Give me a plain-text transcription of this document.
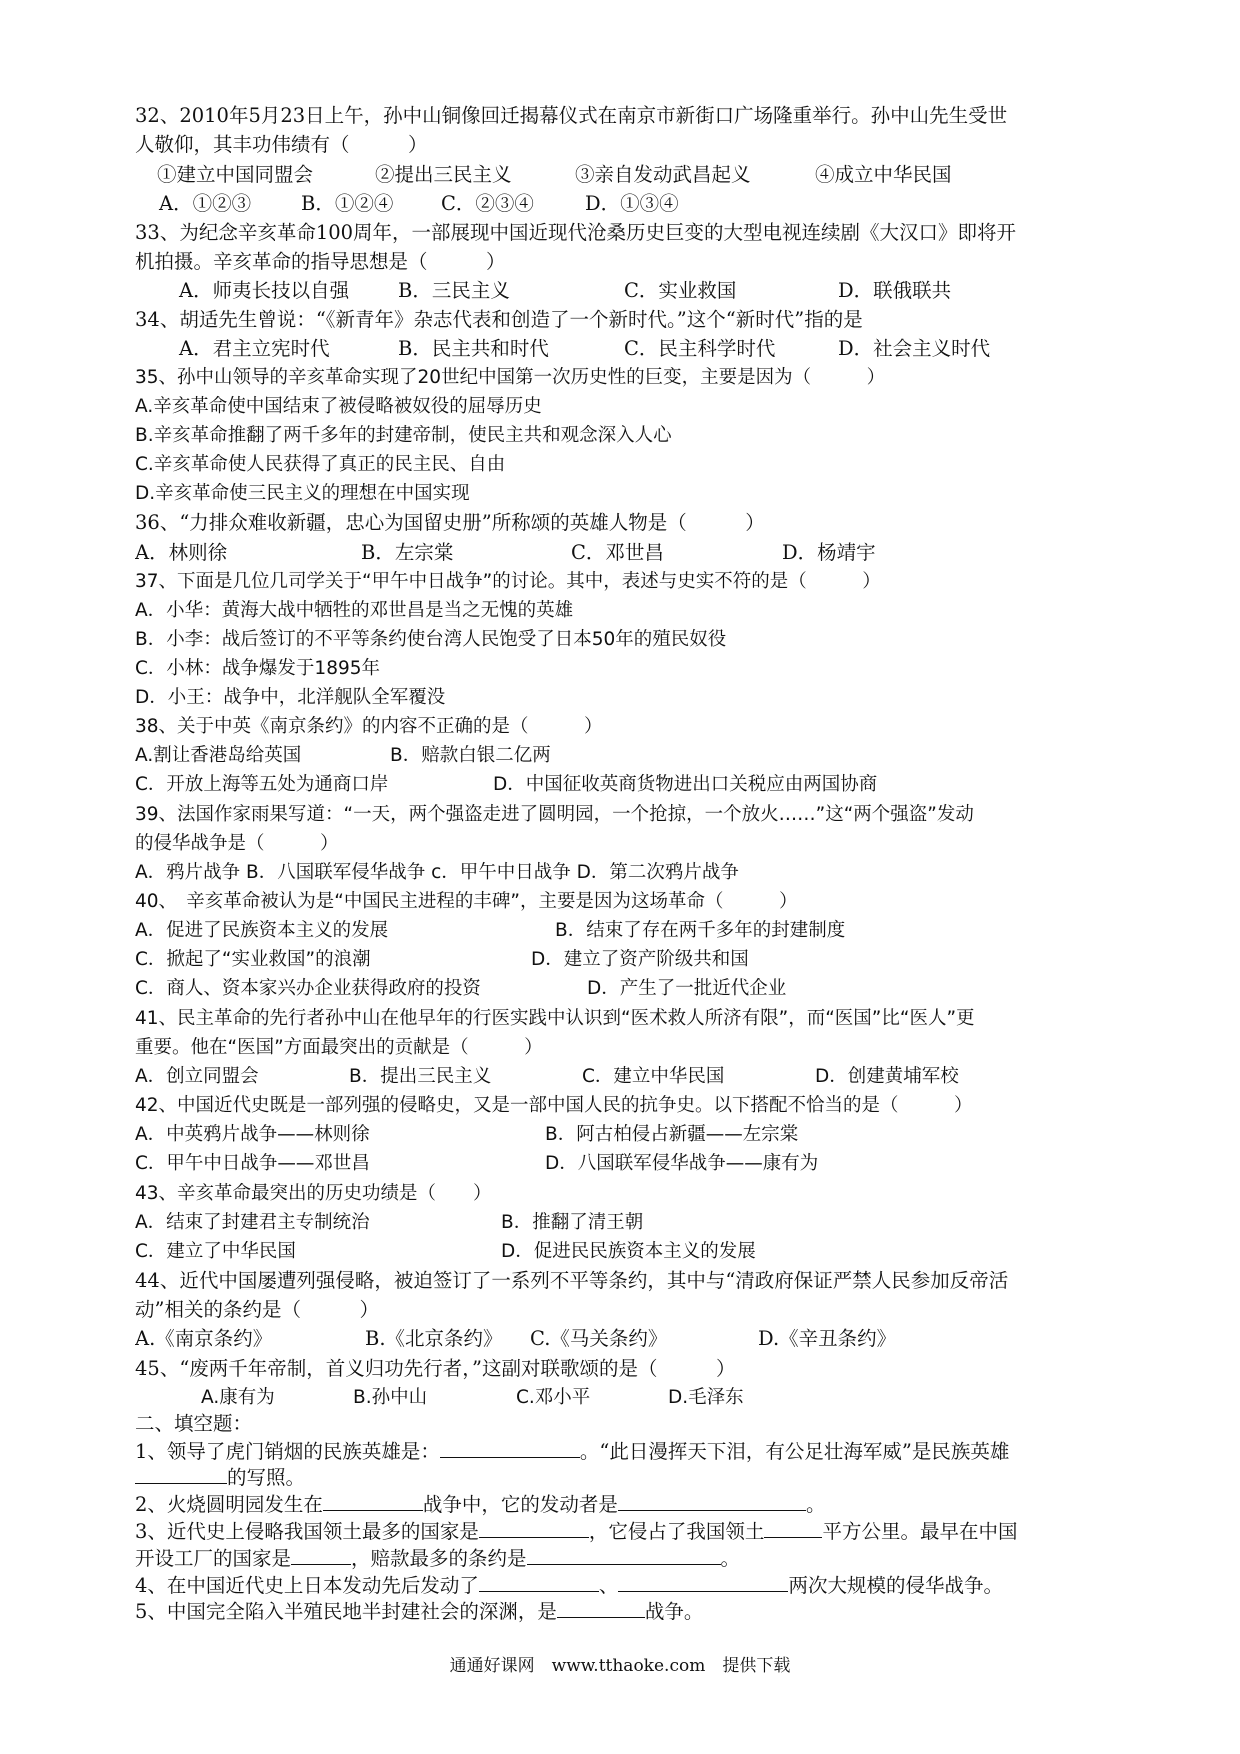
32、2010年5月23日上午，孙中山铜像回迁揭幕仪式在南京市新街口广场隆重举行。孙中山先生受世
人敬仰，其丰功伟绩有（　　　）
①建立中国同盟会	②提出三民主义	③亲自发动武昌起义	④成立中华民国
A．①②③	B．①②④ C．②③④	D．①③④
33、为纪念辛亥革命100周年，一部展现中国近现代沧桑历史巨变的大型电视连续剧《大汉口》即将开
机拍摄。辛亥革命的指导思想是（　　　）
A．师夷长技以自强	B．三民主义	C．实业救国	D．联俄联共
34、胡适先生曾说：“《新青年》杂志代表和创造了一个新时代。”这个“新时代”指的是
A．君主立宪时代	B．民主共和时代	C．民主科学时代	D．社会主义时代
35、孙中山领导的辛亥革命实现了20世纪中国第一次历史性的巨变，主要是因为（　　　）
A.辛亥革命使中国结束了被侵略被奴役的屈辱历史
B.辛亥革命推翻了两千多年的封建帝制，使民主共和观念深入人心
C.辛亥革命使人民获得了真正的民主民、自由
D.辛亥革命使三民主义的理想在中国实现
36、“力排众难收新疆，忠心为国留史册”所称颂的英雄人物是（　　　）
A．林则徐	B．左宗棠	C．邓世昌	D．杨靖宇
37、下面是几位几司学关于“甲午中日战争”的讨论。其中，表述与史实不符的是（　　　）
A．小华：黄海大战中牺牲的邓世昌是当之无愧的英雄
B．小李：战后签订的不平等条约使台湾人民饱受了日本50年的殖民奴役
C．小林：战争爆发于1895年
D．小王：战争中，北洋舰队全军覆没
38、关于中英《南京条约》的内容不正确的是（　　　）
A.割让香港岛给英国	B．赔款白银二亿两
C．开放上海等五处为通商口岸	D．中国征收英商货物进出口关税应由两国协商
39、法国作家雨果写道：“一天，两个强盗走进了圆明园，一个抢掠，一个放火……”这“两个强盗”发动
的侵华战争是（　　　）
A．鸦片战争 B．八国联军侵华战争 c．甲午中日战争 D．第二次鸦片战争
40、　辛亥革命被认为是“中国民主进程的丰碑”，主要是因为这场革命（　　　）
A．促进了民族资本主义的发展	B．结束了存在两千多年的封建制度
C．掀起了“实业救国”的浪潮	D．建立了资产阶级共和国
C．商人、资本家兴办企业获得政府的投资	D．产生了一批近代企业
41、民主革命的先行者孙中山在他早年的行医实践中认识到“医术救人所济有限”，而“医国”比“医人”更
重要。他在“医国”方面最突出的贡献是（　　　）
A．创立同盟会	B．提出三民主义	C．建立中华民国	D．创建黄埔军校
42、中国近代史既是一部列强的侵略史，又是一部中国人民的抗争史。以下搭配不恰当的是（　　　）
A．中英鸦片战争——林则徐	B．阿古柏侵占新疆——左宗棠
C．甲午中日战争——邓世昌	D．八国联军侵华战争——康有为
43、辛亥革命最突出的历史功绩是（　　）
A．结束了封建君主专制统治	B．推翻了清王朝
C．建立了中华民国	D．促进民民族资本主义的发展
44、近代中国屡遭列强侵略，被迫签订了一系列不平等条约，其中与“清政府保证严禁人民参加反帝活
动”相关的条约是（　　　）
A.《南京条约》	B.《北京条约》 C.《马关条约》	D.《辛丑条约》
45、“废两千年帝制，首义归功先行者，”这副对联歌颂的是（　　　）
A.康有为	B.孙中山	C.邓小平	D.毛泽东
二、填空题：
1、领导了虎门销烟的民族英雄是：	。“此日漫挥天下泪，有公足壮海军威”是民族英雄
的写照。
2、火烧圆明园发生在	战争中，它的发动者是	。
3、近代史上侵略我国领土最多的国家是	，它侵占了我国领土	平方公里。最早在中国
开设工厂的国家是	，赔款最多的条约是	。
4、在中国近代史上日本发动先后发动了	、	两次大规模的侵华战争。
5、中国完全陷入半殖民地半封建社会的深渊，是	战争。
通通好课网　www.tthaoke.com　提供下载
